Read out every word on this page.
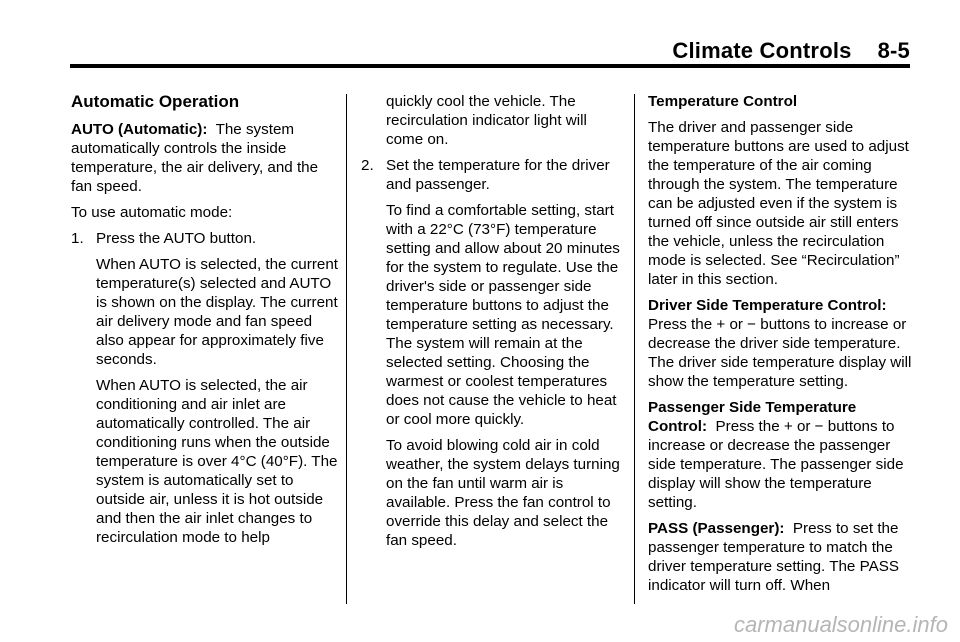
Climate Controls 8-5
Automatic Operation

AUTO (Automatic): The system automatically controls the inside temperature, the air delivery, and the fan speed.

To use automatic mode:

1. Press the AUTO button.

When AUTO is selected, the current temperature(s) selected and AUTO is shown on the display. The current air delivery mode and fan speed also appear for approximately five seconds.

When AUTO is selected, the air conditioning and air inlet are automatically controlled. The air conditioning runs when the outside temperature is over 4°C (40°F). The system is automatically set to outside air, unless it is hot outside and then the air inlet changes to recirculation mode to help

quickly cool the vehicle. The recirculation indicator light will come on.

2. Set the temperature for the driver and passenger.

To find a comfortable setting, start with a 22°C (73°F) temperature setting and allow about 20 minutes for the system to regulate. Use the driver's side or passenger side temperature buttons to adjust the temperature setting as necessary. The system will remain at the selected setting. Choosing the warmest or coolest temperatures does not cause the vehicle to heat or cool more quickly.

To avoid blowing cold air in cold weather, the system delays turning on the fan until warm air is available. Press the fan control to override this delay and select the fan speed.

Temperature Control

The driver and passenger side temperature buttons are used to adjust the temperature of the air coming through the system. The temperature can be adjusted even if the system is turned off since outside air still enters the vehicle, unless the recirculation mode is selected. See “Recirculation” later in this section.

Driver Side Temperature Control:  Press the + or − buttons to increase or decrease the driver side temperature. The driver side temperature display will show the temperature setting.

Passenger Side Temperature Control: Press the + or − buttons to increase or decrease the passenger side temperature. The passenger side display will show the temperature setting.

PASS (Passenger): Press to set the passenger temperature to match the driver temperature setting. The PASS indicator will turn off. When

carmanualsonline.info
